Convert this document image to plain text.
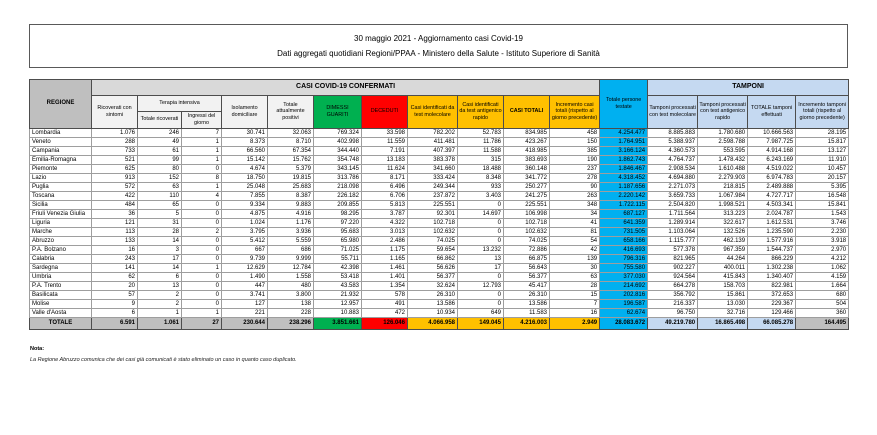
30 maggio 2021 - Aggiornamento casi Covid-19
Dati aggregati quotidiani Regioni/PPAA - Ministero della Salute - Istituto Superiore di Sanità
REGIONE	CASI COVID-19 CONFERMATI											Totale persone testate	TAMPONI			
	Ricoverati con sintomi	Terapia intensiva		Isolamento domiciliare	Totale attualmente positivi	DIMESSI GUARITI	DECEDUTI	Casi identificati da test molecolare	Casi identificati da test antigenico rapido	CASI TOTALI	Incremento casi totali (rispetto al giorno precedente)		Tamponi processati con test molecolare	Tamponi processati con test antigenico rapido	TOTALE tamponi effettuati	Incremento tamponi totali (rispetto al giorno precedente)
		Totale ricoverati	Ingressi del giorno													
Lombardia	1.076	246	7	30.741	32.063	769.324	33.598	782.202	52.783	834.985	458	4.254.477	8.885.883	1.780.680	10.666.563	28.195
Veneto	288	49	1	8.373	8.710	402.998	11.559	411.481	11.786	423.267	150	1.764.951	5.388.937	2.598.788	7.987.725	15.817
Campania	733	61	1	66.560	67.354	344.440	7.191	407.397	11.588	418.985	385	3.166.124	4.360.573	553.595	4.914.168	13.127
Emilia-Romagna	521	99	1	15.142	15.762	354.748	13.183	383.378	315	383.693	190	1.862.743	4.764.737	1.478.432	6.243.169	11.910
Piemonte	625	80	0	4.674	5.379	343.145	11.624	341.660	18.488	360.148	237	1.846.467	2.908.534	1.610.488	4.519.022	10.457
Lazio	913	152	8	18.750	19.815	313.786	8.171	333.424	8.348	341.772	278	4.318.452	4.694.880	2.279.903	6.974.783	20.157
Puglia	572	63	1	25.048	25.683	218.098	6.496	249.344	933	250.277	90	1.187.656	2.271.073	218.815	2.489.888	5.395
Toscana	422	110	4	7.855	8.387	226.182	6.706	237.872	3.403	241.275	263	2.220.142	3.659.733	1.067.984	4.727.717	16.548
Sicilia	484	65	0	9.334	9.883	209.855	5.813	225.551	0	225.551	348	1.722.115	2.504.820	1.998.521	4.503.341	15.841
Friuli Venezia Giulia	36	5	0	4.875	4.916	98.295	3.787	92.301	14.697	106.998	34	687.127	1.711.564	313.223	2.024.787	1.543
Liguria	121	31	0	1.024	1.176	97.220	4.322	102.718	0	102.718	41	641.359	1.289.914	322.617	1.612.531	3.746
Marche	113	28	2	3.795	3.936	95.683	3.013	102.632	0	102.632	81	731.505	1.103.064	132.526	1.235.590	2.230
Abruzzo	133	14	0	5.412	5.559	65.980	2.486	74.025	0	74.025	54	658.166	1.115.777	462.139	1.577.916	3.918
P.A. Bolzano	16	3	0	667	686	71.025	1.175	59.654	13.232	72.886	42	416.693	577.378	967.359	1.544.737	2.970
Calabria	243	17	0	9.739	9.999	55.711	1.165	66.862	13	66.875	139	796.316	821.965	44.264	866.229	4.212
Sardegna	141	14	1	12.629	12.784	42.398	1.461	56.626	17	56.643	30	755.580	902.227	400.011	1.302.238	1.062
Umbria	62	6	0	1.490	1.558	53.418	1.401	56.377	0	56.377	63	377.030	924.564	415.843	1.340.407	4.159
P.A. Trento	20	13	0	447	480	43.583	1.354	32.624	12.793	45.417	28	214.692	664.278	158.703	822.981	1.664
Basilicata	57	2	0	3.741	3.800	21.932	578	26.310	0	26.310	15	202.816	356.792	15.861	372.653	680
Molise	9	2	0	127	138	12.957	491	13.586	0	13.586	7	196.587	216.337	13.030	229.367	504
Valle d'Aosta	6	1	1	221	228	10.883	472	10.934	649	11.583	16	62.674	96.750	32.716	129.466	360
TOTALE	6.591	1.061	27	230.644	238.296	3.851.661	126.046	4.066.958	149.045	4.216.003	2.949	28.083.672	49.219.780	16.865.498	66.085.278	164.495
Nota:
La Regione Abruzzo comunica che dei casi già comunicati è stato eliminato un caso in quanto caso duplicato.
